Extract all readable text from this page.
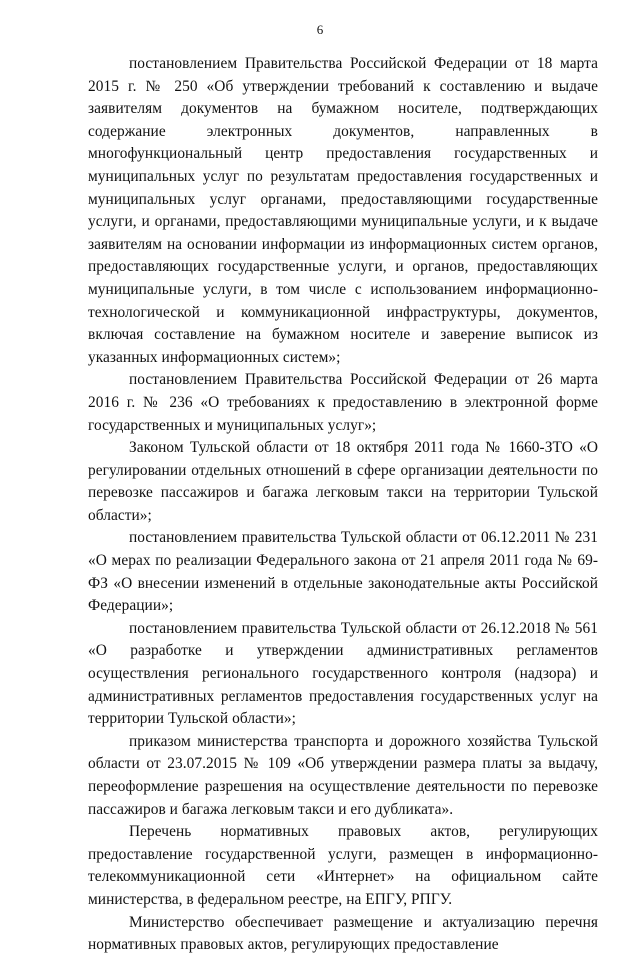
6

постановлением Правительства Российской Федерации от 18 марта 2015 г. № 250 «Об утверждении требований к составлению и выдаче заявителям документов на бумажном носителе, подтверждающих содержание электронных документов, направленных в многофункциональный центр предоставления государственных и муниципальных услуг по результатам предоставления государственных и муниципальных услуг органами, предоставляющими государственные услуги, и органами, предоставляющими муниципальные услуги, и к выдаче заявителям на основании информации из информационных систем органов, предоставляющих государственные услуги, и органов, предоставляющих муниципальные услуги, в том числе с использованием информационно-технологической и коммуникационной инфраструктуры, документов, включая составление на бумажном носителе и заверение выписок из указанных информационных систем»;

постановлением Правительства Российской Федерации от 26 марта 2016 г. № 236 «О требованиях к предоставлению в электронной форме государственных и муниципальных услуг»;

Законом Тульской области от 18 октября 2011 года № 1660-ЗТО «О регулировании отдельных отношений в сфере организации деятельности по перевозке пассажиров и багажа легковым такси на территории Тульской области»;

постановлением правительства Тульской области от 06.12.2011 № 231 «О мерах по реализации Федерального закона от 21 апреля 2011 года № 69-ФЗ «О внесении изменений в отдельные законодательные акты Российской Федерации»;

постановлением правительства Тульской области от 26.12.2018 № 561 «О разработке и утверждении административных регламентов осуществления регионального государственного контроля (надзора) и административных регламентов предоставления государственных услуг на территории Тульской области»;

приказом министерства транспорта и дорожного хозяйства Тульской области от 23.07.2015 № 109 «Об утверждении размера платы за выдачу, переоформление разрешения на осуществление деятельности по перевозке пассажиров и багажа легковым такси и его дубликата».

Перечень нормативных правовых актов, регулирующих предоставление государственной услуги, размещен в информационно-телекоммуникационной сети «Интернет» на официальном сайте министерства, в федеральном реестре, на ЕПГУ, РПГУ.

Министерство обеспечивает размещение и актуализацию перечня нормативных правовых актов, регулирующих предоставление
